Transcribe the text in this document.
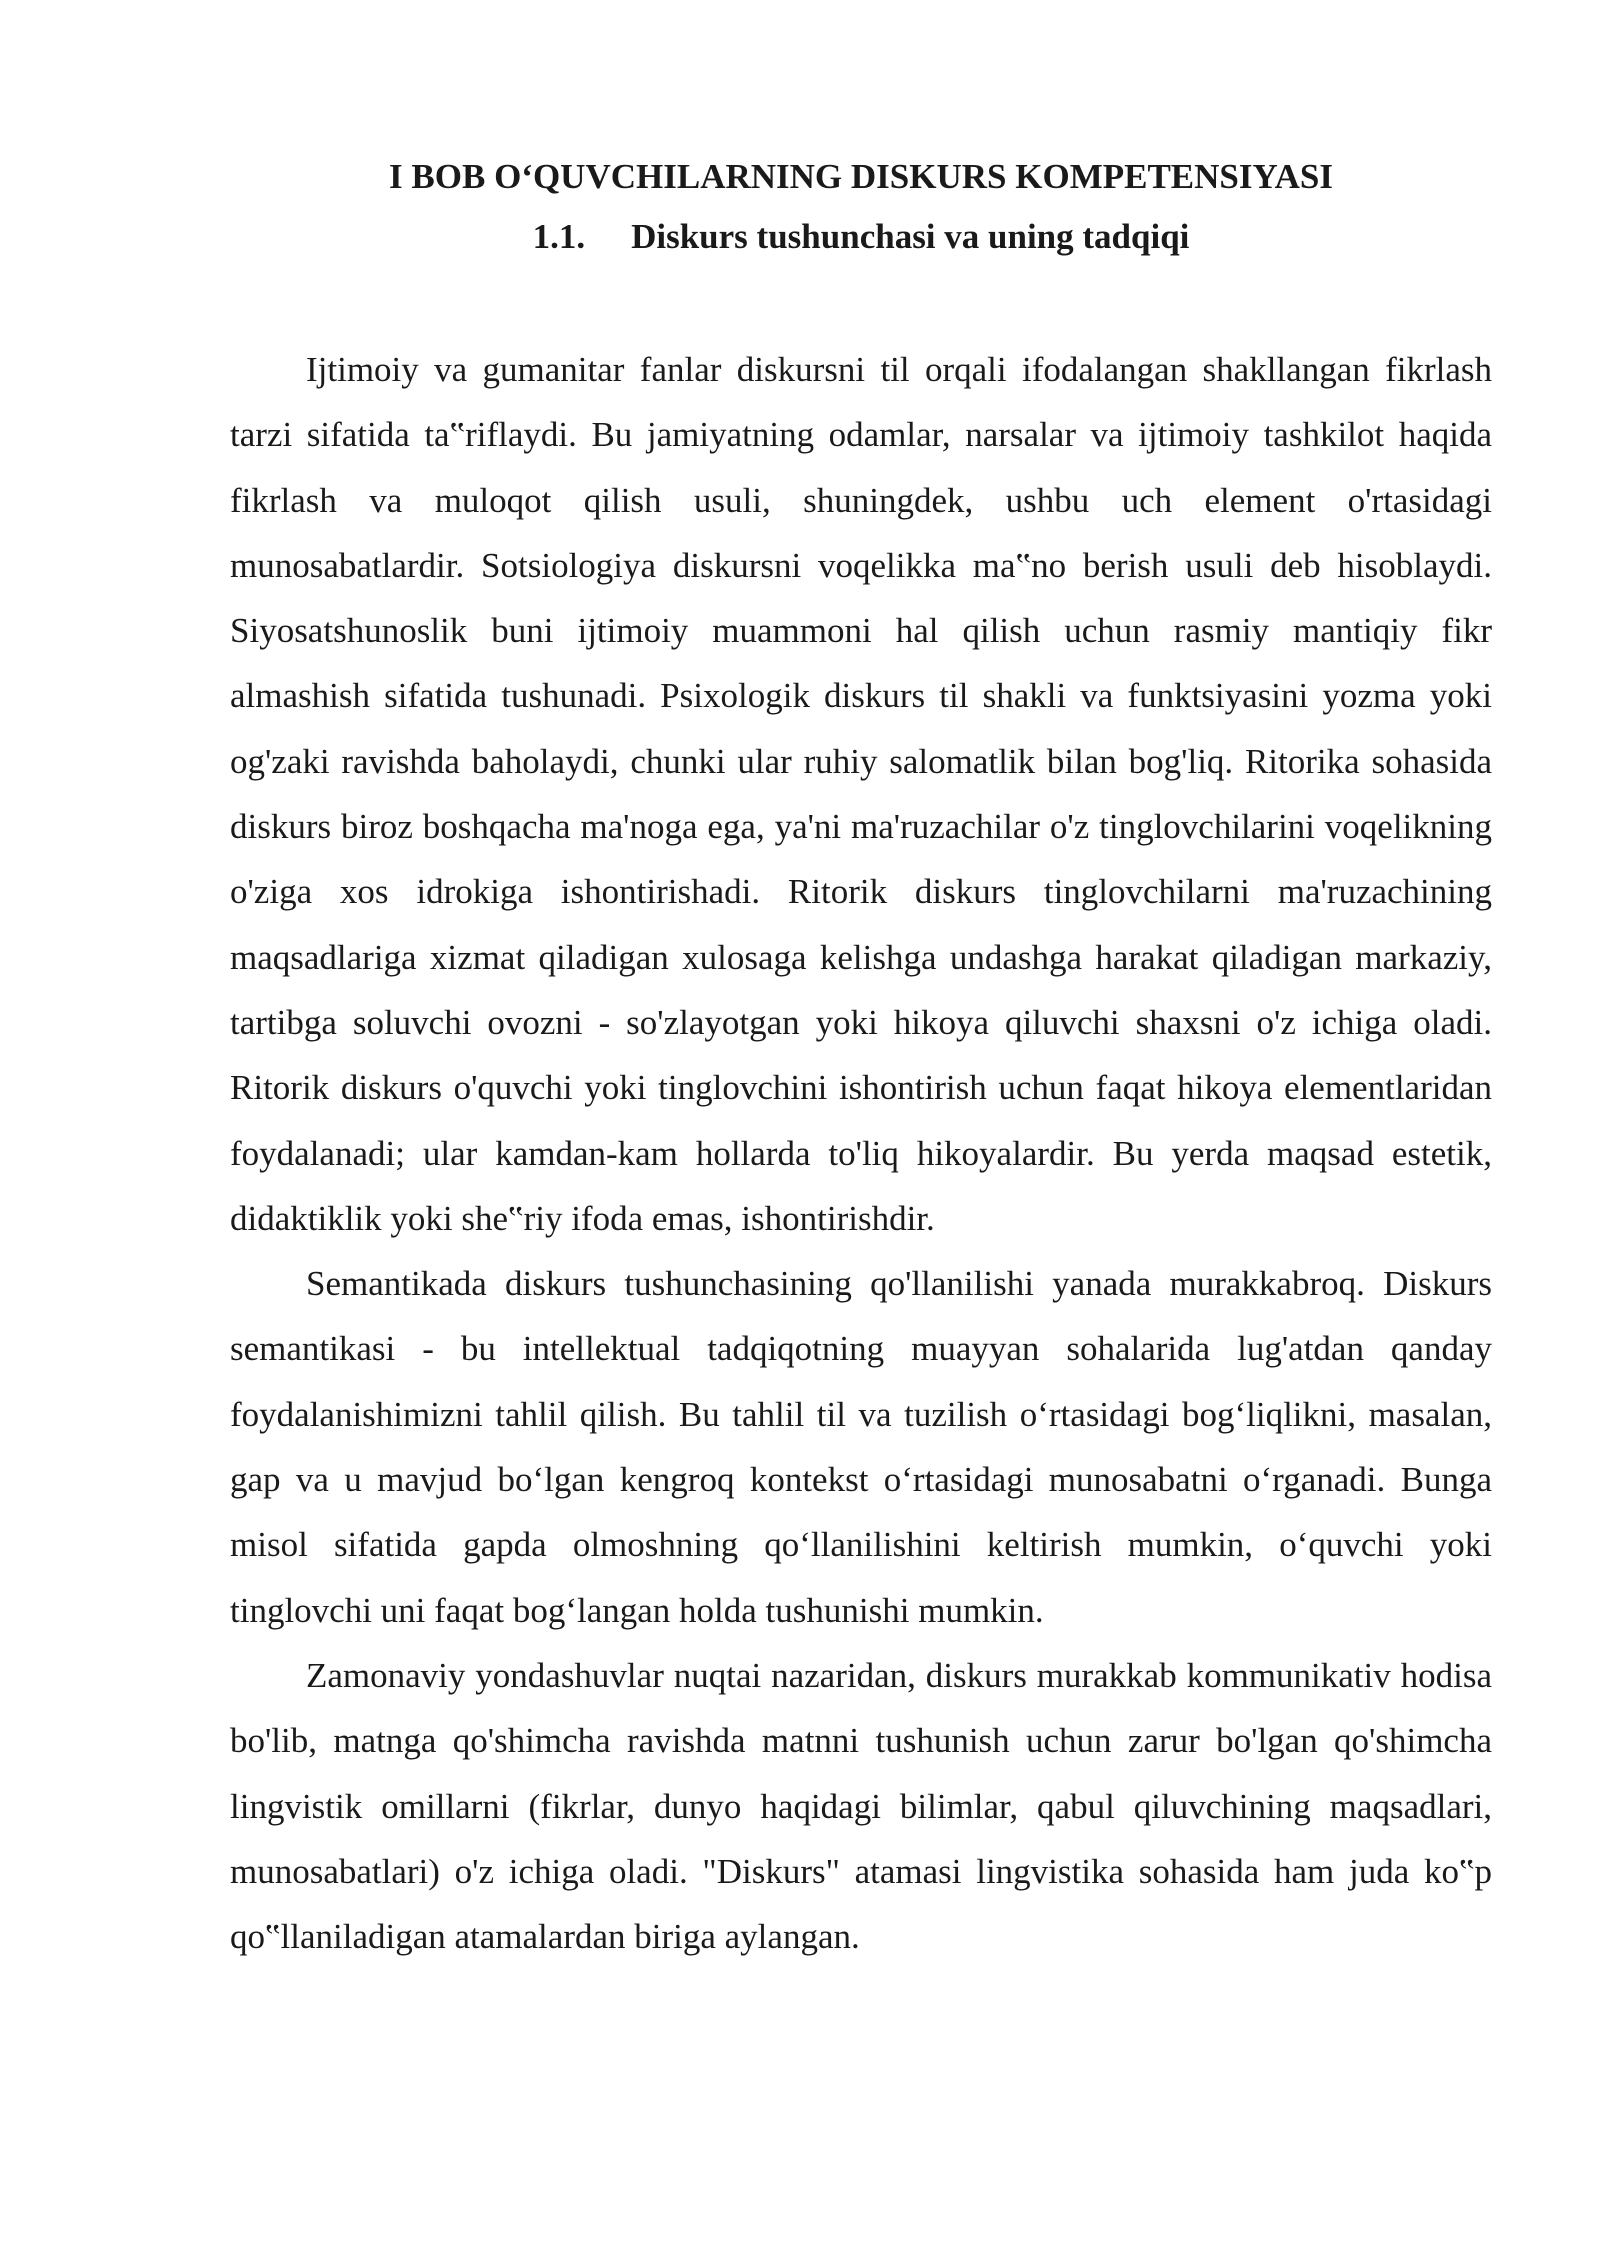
I BOB O‘QUVCHILARNING DISKURS KOMPETENSIYASI
1.1. Diskurs tushunchasi va uning tadqiqi

Ijtimoiy va gumanitar fanlar diskursni til orqali ifodalangan shakllangan fikrlash tarzi sifatida ta‟riflaydi. Bu jamiyatning odamlar, narsalar va ijtimoiy tashkilot haqida fikrlash va muloqot qilish usuli, shuningdek, ushbu uch element o'rtasidagi munosabatlardir. Sotsiologiya diskursni voqelikka ma‟no berish usuli deb hisoblaydi. Siyosatshunoslik buni ijtimoiy muammoni hal qilish uchun rasmiy mantiqiy fikr almashish sifatida tushunadi. Psixologik diskurs til shakli va funktsiyasini yozma yoki og'zaki ravishda baholaydi, chunki ular ruhiy salomatlik bilan bog'liq. Ritorika sohasida diskurs biroz boshqacha ma'noga ega, ya'ni ma'ruzachilar o'z tinglovchilarini voqelikning o'ziga xos idrokiga ishontirishadi. Ritorik diskurs tinglovchilarni ma'ruzachining maqsadlariga xizmat qiladigan xulosaga kelishga undashga harakat qiladigan markaziy, tartibga soluvchi ovozni - so'zlayotgan yoki hikoya qiluvchi shaxsni o'z ichiga oladi. Ritorik diskurs o'quvchi yoki tinglovchini ishontirish uchun faqat hikoya elementlaridan foydalanadi; ular kamdan-kam hollarda to'liq hikoyalardir. Bu yerda maqsad estetik, didaktiklik yoki she‟riy ifoda emas, ishontirishdir.

Semantikada diskurs tushunchasining qo'llanilishi yanada murakkabroq. Diskurs semantikasi - bu intellektual tadqiqotning muayyan sohalarida lug'atdan qanday foydalanishimizni tahlil qilish. Bu tahlil til va tuzilish o‘rtasidagi bog‘liqlikni, masalan, gap va u mavjud bo‘lgan kengroq kontekst o‘rtasidagi munosabatni o‘rganadi. Bunga misol sifatida gapda olmoshning qo‘llanilishini keltirish mumkin, o‘quvchi yoki tinglovchi uni faqat bog‘langan holda tushunishi mumkin.

Zamonaviy yondashuvlar nuqtai nazaridan, diskurs murakkab kommunikativ hodisa bo'lib, matnga qo'shimcha ravishda matnni tushunish uchun zarur bo'lgan qo'shimcha lingvistik omillarni (fikrlar, dunyo haqidagi bilimlar, qabul qiluvchining maqsadlari, munosabatlari) o'z ichiga oladi. "Diskurs" atamasi lingvistika sohasida ham juda ko‟p qo‟llaniladigan atamalardan biriga aylangan.
